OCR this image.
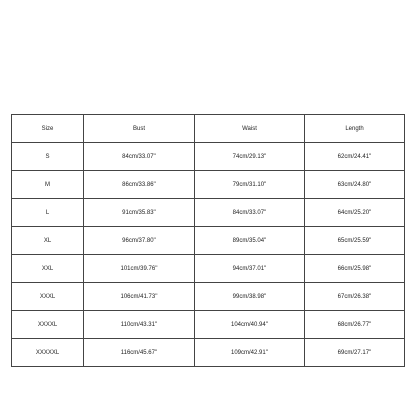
Size	Bust	Waist	Length
S	84cm/33.07''	74cm/29.13''	62cm/24.41''
M	86cm/33.86''	79cm/31.10''	63cm/24.80''
L	91cm/35.83''	84cm/33.07''	64cm/25.20''
XL	96cm/37.80''	89cm/35.04''	65cm/25.59''
XXL	101cm/39.76''	94cm/37.01''	66cm/25.98''
XXXL	106cm/41.73''	99cm/38.98''	67cm/26.38''
XXXXL	110cm/43.31''	104cm/40.94''	68cm/26.77''
XXXXXL	116cm/45.67''	109cm/42.91''	69cm/27.17''
